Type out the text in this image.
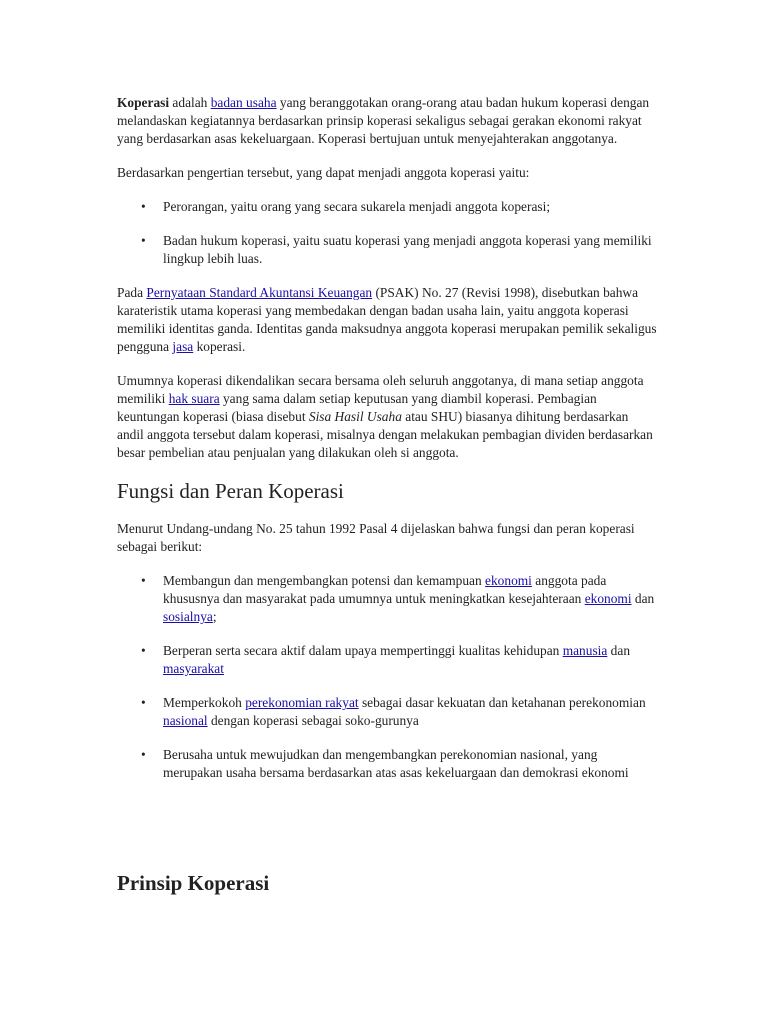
Koperasi adalah badan usaha yang beranggotakan orang-orang atau badan hukum koperasi dengan melandaskan kegiatannya berdasarkan prinsip koperasi sekaligus sebagai gerakan ekonomi rakyat yang berdasarkan asas kekeluargaan. Koperasi bertujuan untuk menyejahterakan anggotanya.

Berdasarkan pengertian tersebut, yang dapat menjadi anggota koperasi yaitu:

• Perorangan, yaitu orang yang secara sukarela menjadi anggota koperasi;
• Badan hukum koperasi, yaitu suatu koperasi yang menjadi anggota koperasi yang memiliki lingkup lebih luas.

Pada Pernyataan Standard Akuntansi Keuangan (PSAK) No. 27 (Revisi 1998), disebutkan bahwa karateristik utama koperasi yang membedakan dengan badan usaha lain, yaitu anggota koperasi memiliki identitas ganda. Identitas ganda maksudnya anggota koperasi merupakan pemilik sekaligus pengguna jasa koperasi.

Umumnya koperasi dikendalikan secara bersama oleh seluruh anggotanya, di mana setiap anggota memiliki hak suara yang sama dalam setiap keputusan yang diambil koperasi. Pembagian keuntungan koperasi (biasa disebut Sisa Hasil Usaha atau SHU) biasanya dihitung berdasarkan andil anggota tersebut dalam koperasi, misalnya dengan melakukan pembagian dividen berdasarkan besar pembelian atau penjualan yang dilakukan oleh si anggota.

Fungsi dan Peran Koperasi

Menurut Undang-undang No. 25 tahun 1992 Pasal 4 dijelaskan bahwa fungsi dan peran koperasi sebagai berikut:

• Membangun dan mengembangkan potensi dan kemampuan ekonomi anggota pada khususnya dan masyarakat pada umumnya untuk meningkatkan kesejahteraan ekonomi dan sosialnya;
• Berperan serta secara aktif dalam upaya mempertinggi kualitas kehidupan manusia dan masyarakat
• Memperkokoh perekonomian rakyat sebagai dasar kekuatan dan ketahanan perekonomian nasional dengan koperasi sebagai soko-gurunya
• Berusaha untuk mewujudkan dan mengembangkan perekonomian nasional, yang merupakan usaha bersama berdasarkan atas asas kekeluargaan dan demokrasi ekonomi
Prinsip Koperasi
